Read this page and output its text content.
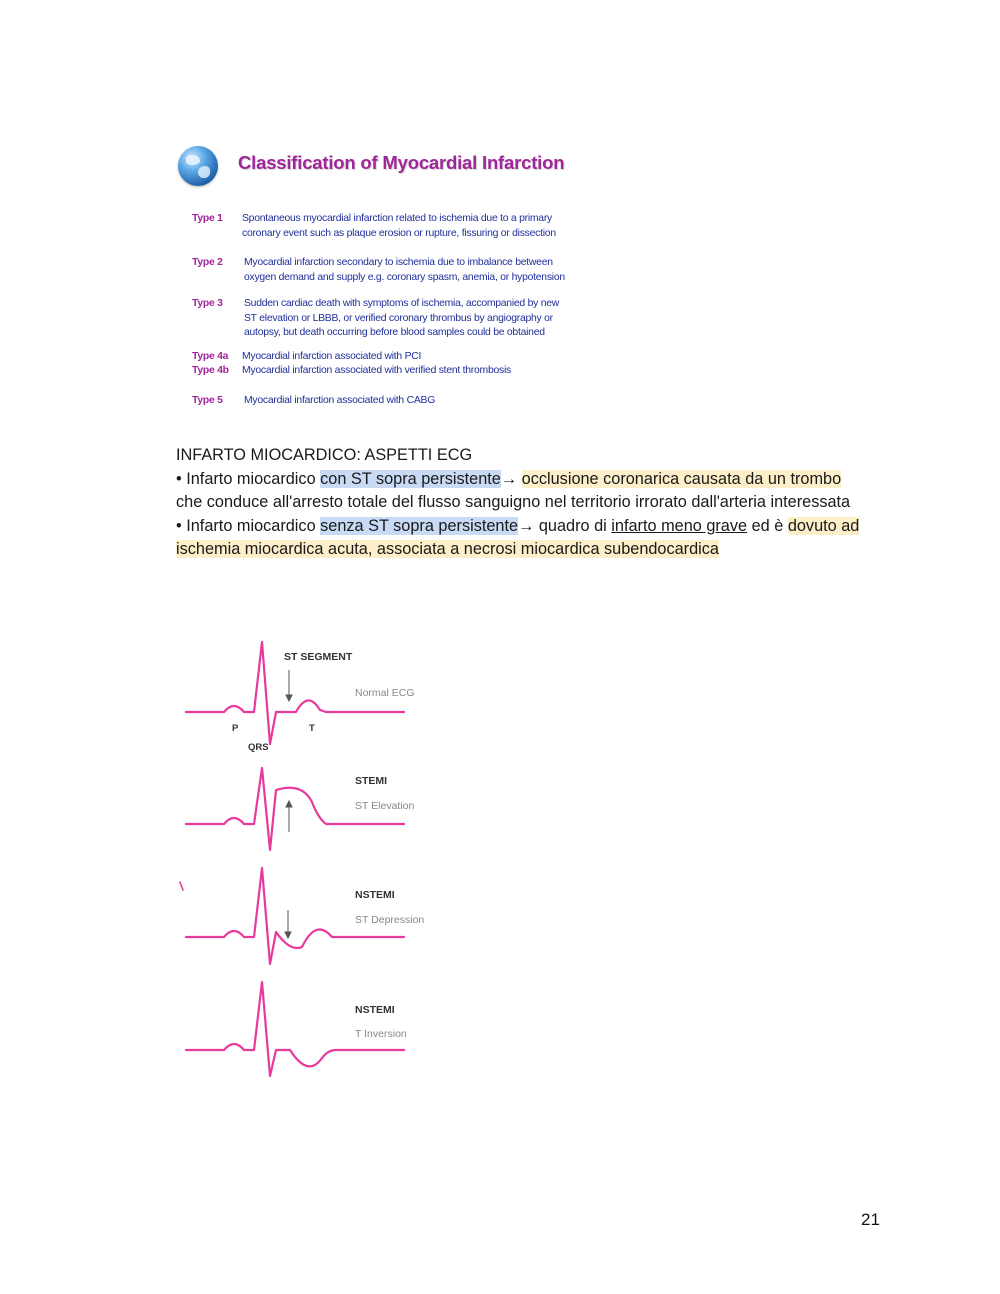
Classification of Myocardial Infarction
Type 1	Spontaneous myocardial infarction related to ischemia due to a primary
coronary event such as plaque erosion or rupture, fissuring or dissection
Type 2	Myocardial infarction secondary to ischemia due to imbalance between
oxygen demand and supply e.g. coronary spasm, anemia, or hypotension
Type 3	Sudden cardiac death with symptoms of ischemia, accompanied by new
ST elevation or LBBB, or verified coronary thrombus by angiography or
autopsy, but death occurring before blood samples could be obtained
Type 4a	Myocardial infarction associated with PCI
Type 4b	Myocardial infarction associated with verified stent thrombosis
Type 5	Myocardial infarction associated with CABG

INFARTO MIOCARDICO: ASPETTI ECG

• Infarto miocardico con ST sopra persistente→ occlusione coronarica causata da un trombo che conduce all'arresto totale del flusso sanguigno nel territorio irrorato dall'arteria interessata

• Infarto miocardico senza ST sopra persistente→ quadro di infarto meno grave ed è dovuto ad ischemia miocardica acuta, associata a necrosi miocardica subendocardica

ST SEGMENT
Normal ECG
P	T
QRS
STEMI
ST Elevation
NSTEMI
ST Depression
NSTEMI
T Inversion
21
